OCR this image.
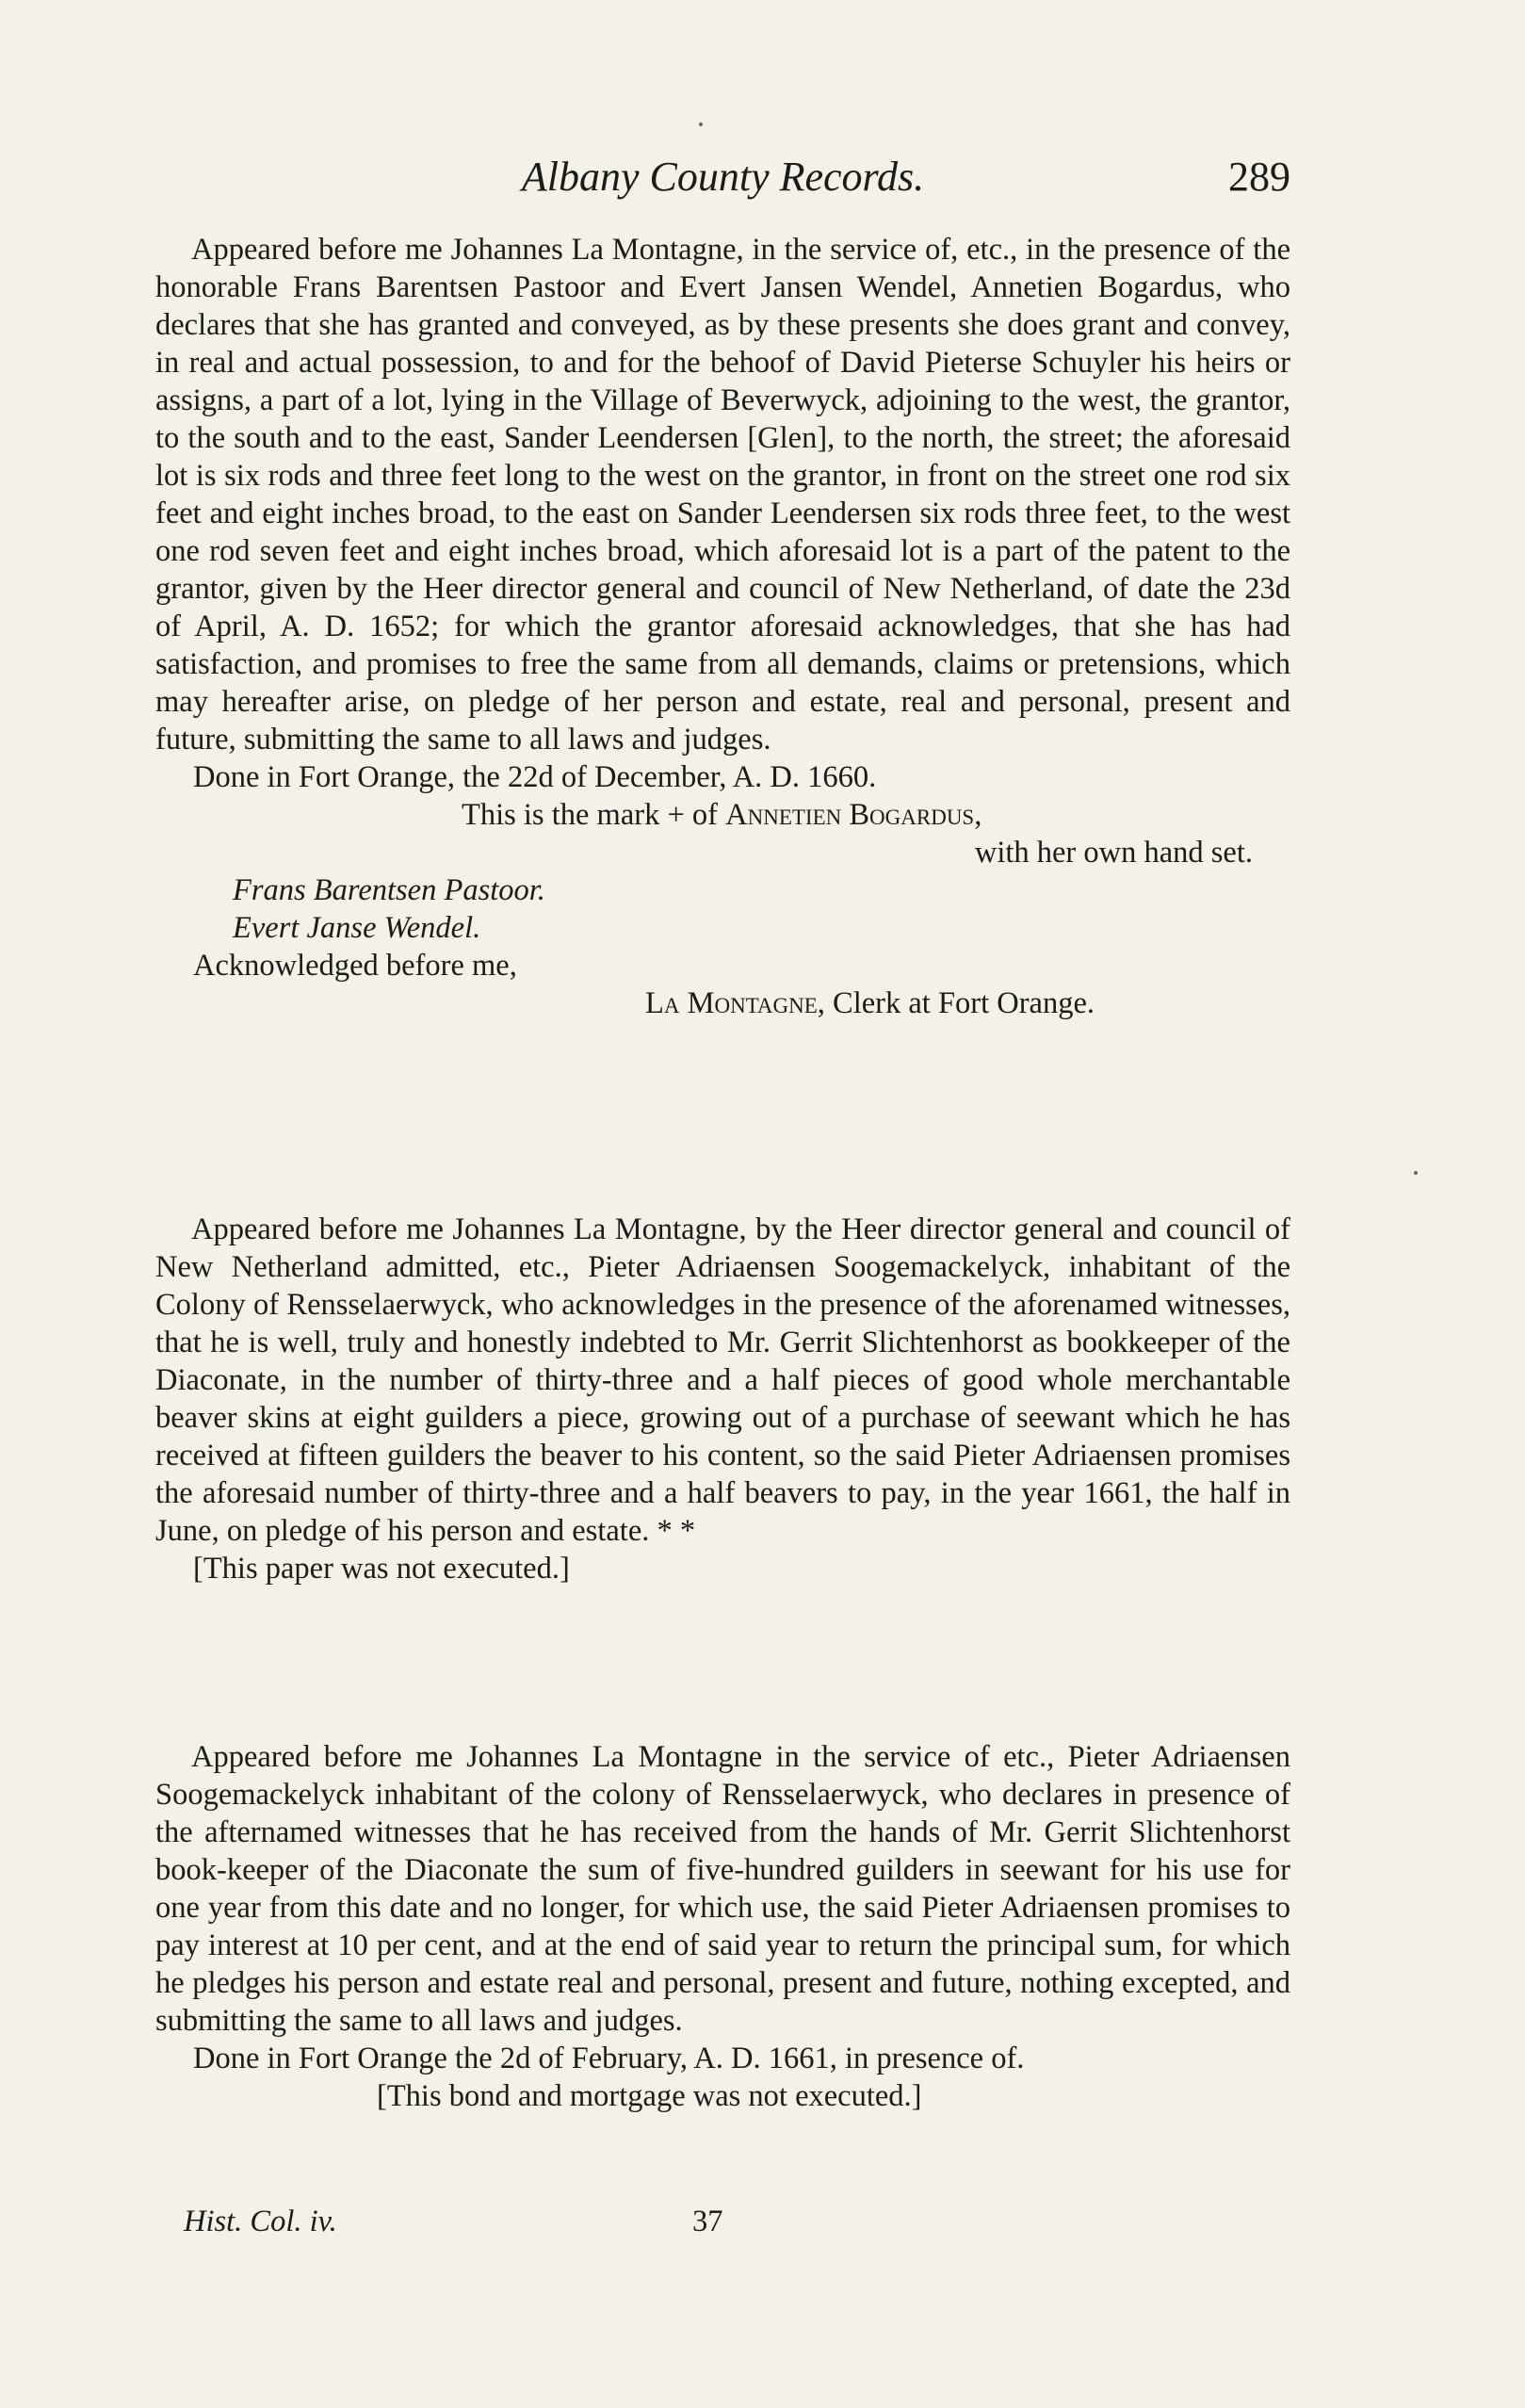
Albany County Records.	289

Appeared before me Johannes La Montagne, in the service of, etc., in the presence of the honorable Frans Barentsen Pastoor and Evert Jansen Wendel, Annetien Bogardus, who declares that she has granted and conveyed, as by these presents she does grant and convey, in real and actual possession, to and for the behoof of David Pieterse Schuyler his heirs or assigns, a part of a lot, lying in the Village of Beverwyck, adjoining to the west, the grantor, to the south and to the east, Sander Leendersen [Glen], to the north, the street; the aforesaid lot is six rods and three feet long to the west on the grantor, in front on the street one rod six feet and eight inches broad, to the east on Sander Leendersen six rods three feet, to the west one rod seven feet and eight inches broad, which aforesaid lot is a part of the patent to the grantor, given by the Heer director general and council of New Netherland, of date the 23d of April, A. D. 1652; for which the grantor aforesaid acknowledges, that she has had satisfaction, and promises to free the same from all demands, claims or pretensions, which may hereafter arise, on pledge of her person and estate, real and personal, present and future, submitting the same to all laws and judges.

Done in Fort Orange, the 22d of December, A. D. 1660.
This is the mark + of Annetien Bogardus,
with her own hand set.
Frans Barentsen Pastoor.
Evert Janse Wendel.
Acknowledged before me,
La Montagne, Clerk at Fort Orange.

Appeared before me Johannes La Montagne, by the Heer director general and council of New Netherland admitted, etc., Pieter Adriaensen Soogemackelyck, inhabitant of the Colony of Rensselaerwyck, who acknowledges in the presence of the aforenamed witnesses, that he is well, truly and honestly indebted to Mr. Gerrit Slichtenhorst as bookkeeper of the Diaconate, in the number of thirty-three and a half pieces of good whole merchantable beaver skins at eight guilders a piece, growing out of a purchase of seewant which he has received at fifteen guilders the beaver to his content, so the said Pieter Adriaensen promises the aforesaid number of thirty-three and a half beavers to pay, in the year 1661, the half in June, on pledge of his person and estate. * *

[This paper was not executed.]

Appeared before me Johannes La Montagne in the service of etc., Pieter Adriaensen Soogemackelyck inhabitant of the colony of Rensselaerwyck, who declares in presence of the afternamed witnesses that he has received from the hands of Mr. Gerrit Slichtenhorst book-keeper of the Diaconate the sum of five-hundred guilders in seewant for his use for one year from this date and no longer, for which use, the said Pieter Adriaensen promises to pay interest at 10 per cent, and at the end of said year to return the principal sum, for which he pledges his person and estate real and personal, present and future, nothing excepted, and submitting the same to all laws and judges.

Done in Fort Orange the 2d of February, A. D. 1661, in presence of.
[This bond and mortgage was not executed.]
Hist. Col. iv.	37
